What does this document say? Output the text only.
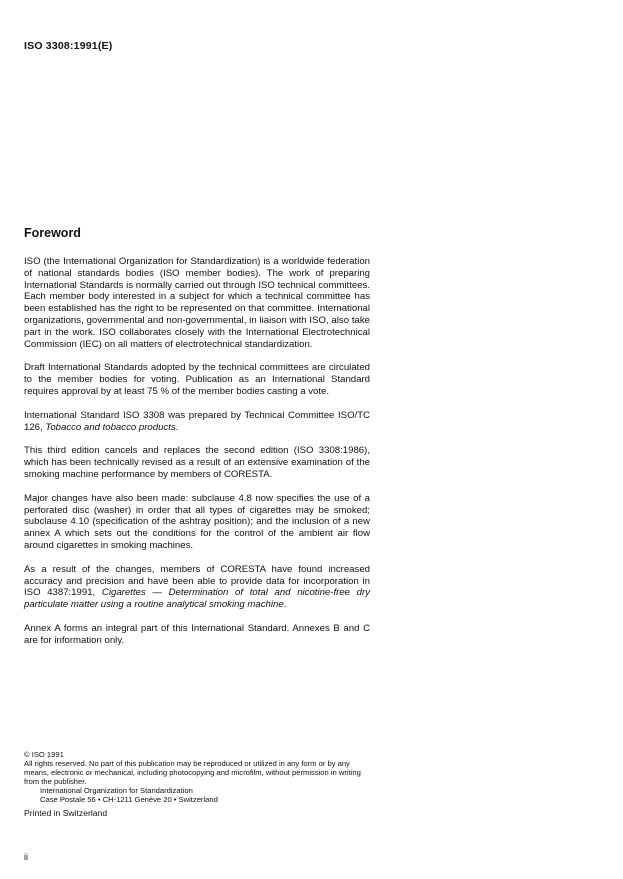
ISO 3308:1991(E)
Foreword

ISO (the International Organization for Standardization) is a worldwide federation of national standards bodies (ISO member bodies). The work of preparing International Standards is normally carried out through ISO technical committees. Each member body interested in a subject for which a technical committee has been established has the right to be represented on that committee. International organizations, governmental and non-governmental, in liaison with ISO, also take part in the work. ISO collaborates closely with the International Electrotechnical Commission (IEC) on all matters of electrotechnical standardization.

Draft International Standards adopted by the technical committees are circulated to the member bodies for voting. Publication as an International Standard requires approval by at least 75 % of the member bodies casting a vote.

International Standard ISO 3308 was prepared by Technical Committee ISO/TC 126, Tobacco and tobacco products.

This third edition cancels and replaces the second edition (ISO 3308:1986), which has been technically revised as a result of an extensive examination of the smoking machine performance by members of CORESTA.

Major changes have also been made: subclause 4.8 now specifies the use of a perforated disc (washer) in order that all types of cigarettes may be smoked; subclause 4.10 (specification of the ashtray position); and the inclusion of a new annex A which sets out the conditions for the control of the ambient air flow around cigarettes in smoking machines.

As a result of the changes, members of CORESTA have found increased accuracy and precision and have been able to provide data for incorporation in ISO 4387:1991, Cigarettes — Determination of total and nicotine-free dry particulate matter using a routine analytical smoking machine.

Annex A forms an integral part of this International Standard. Annexes B and C are for information only.

© ISO 1991
All rights reserved. No part of this publication may be reproduced or utilized in any form or by any means, electronic or mechanical, including photocopying and microfilm, without permission in writing from the publisher.
International Organization for Standardization
Case Postale 56 • CH-1211 Genève 20 • Switzerland
Printed in Switzerland
ii
